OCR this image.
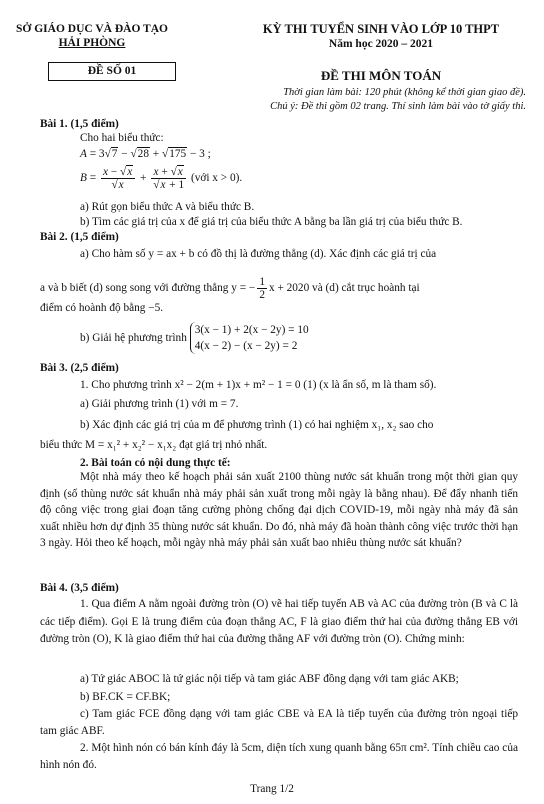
SỞ GIÁO DỤC VÀ ĐÀO TẠO
HẢI PHÒNG
ĐỀ SỐ 01
KỲ THI TUYỂN SINH VÀO LỚP 10 THPT
Năm học 2020 – 2021
ĐỀ THI MÔN TOÁN
Thời gian làm bài: 120 phút (không kể thời gian giao đề).
Chú ý: Đề thi gồm 02 trang. Thí sinh làm bài vào tờ giấy thi.
Bài 1. (1,5 điểm)
Cho hai biểu thức:
A = 3√7 − √28 + √175 − 3 ;
$B = \frac{x - √x}{√x} + \frac{x + √x}{√x + 1}$ (với x > 0).
a) Rút gọn biểu thức A và biểu thức B.
b) Tìm các giá trị của x để giá trị của biểu thức A bằng ba lần giá trị của biểu thức B.
Bài 2. (1,5 điểm)
a) Cho hàm số y = ax + b có đồ thị là đường thẳng (d). Xác định các giá trị của
a và b biết (d) song song với đường thẳng y = − $\frac{1}{2}$ x + 2020 và (d) cắt trục hoành tại
điểm có hoành độ bằng −5.
b) Giải hệ phương trình
3(x − 1) + 2(x − 2y) = 10
4(x − 2) − (x − 2y) = 2
Bài 3. (2,5 điểm)
1. Cho phương trình x² − 2(m + 1)x + m² − 1 = 0 (1) (x là ẩn số, m là tham số).
a) Giải phương trình (1) với m = 7.
b) Xác định các giá trị của m để phương trình (1) có hai nghiệm x₁, x₂ sao cho
biểu thức M = x₁² + x₂² − x₁x₂ đạt giá trị nhỏ nhất.
2. Bài toán có nội dung thực tế:
Một nhà máy theo kế hoạch phải sản xuất 2100 thùng nước sát khuẩn trong một thời gian quy định (số thùng nước sát khuẩn nhà máy phải sản xuất trong mỗi ngày là bằng nhau). Để đẩy nhanh tiến độ công việc trong giai đoạn tăng cường phòng chống đại dịch COVID-19, mỗi ngày nhà máy đã sản xuất nhiều hơn dự định 35 thùng nước sát khuẩn. Do đó, nhà máy đã hoàn thành công việc trước thời hạn 3 ngày. Hỏi theo kế hoạch, mỗi ngày nhà máy phải sản xuất bao nhiêu thùng nước sát khuẩn?
Bài 4. (3,5 điểm)
1. Qua điểm A nằm ngoài đường tròn (O) vẽ hai tiếp tuyến AB và AC của đường tròn (B và C là các tiếp điểm). Gọi E là trung điểm của đoạn thẳng AC, F là giao điểm thứ hai của đường thẳng EB với đường tròn (O), K là giao điểm thứ hai của đường thẳng AF với đường tròn (O). Chứng minh:
a) Tứ giác ABOC là tứ giác nội tiếp và tam giác ABF đồng dạng với tam giác AKB;
b) BF.CK = CF.BK;
c) Tam giác FCE đồng dạng với tam giác CBE và EA là tiếp tuyến của đường tròn ngoại tiếp tam giác ABF.
2. Một hình nón có bán kính đáy là 5cm, diện tích xung quanh bằng 65π cm². Tính chiều cao của hình nón đó.
Trang 1/2
